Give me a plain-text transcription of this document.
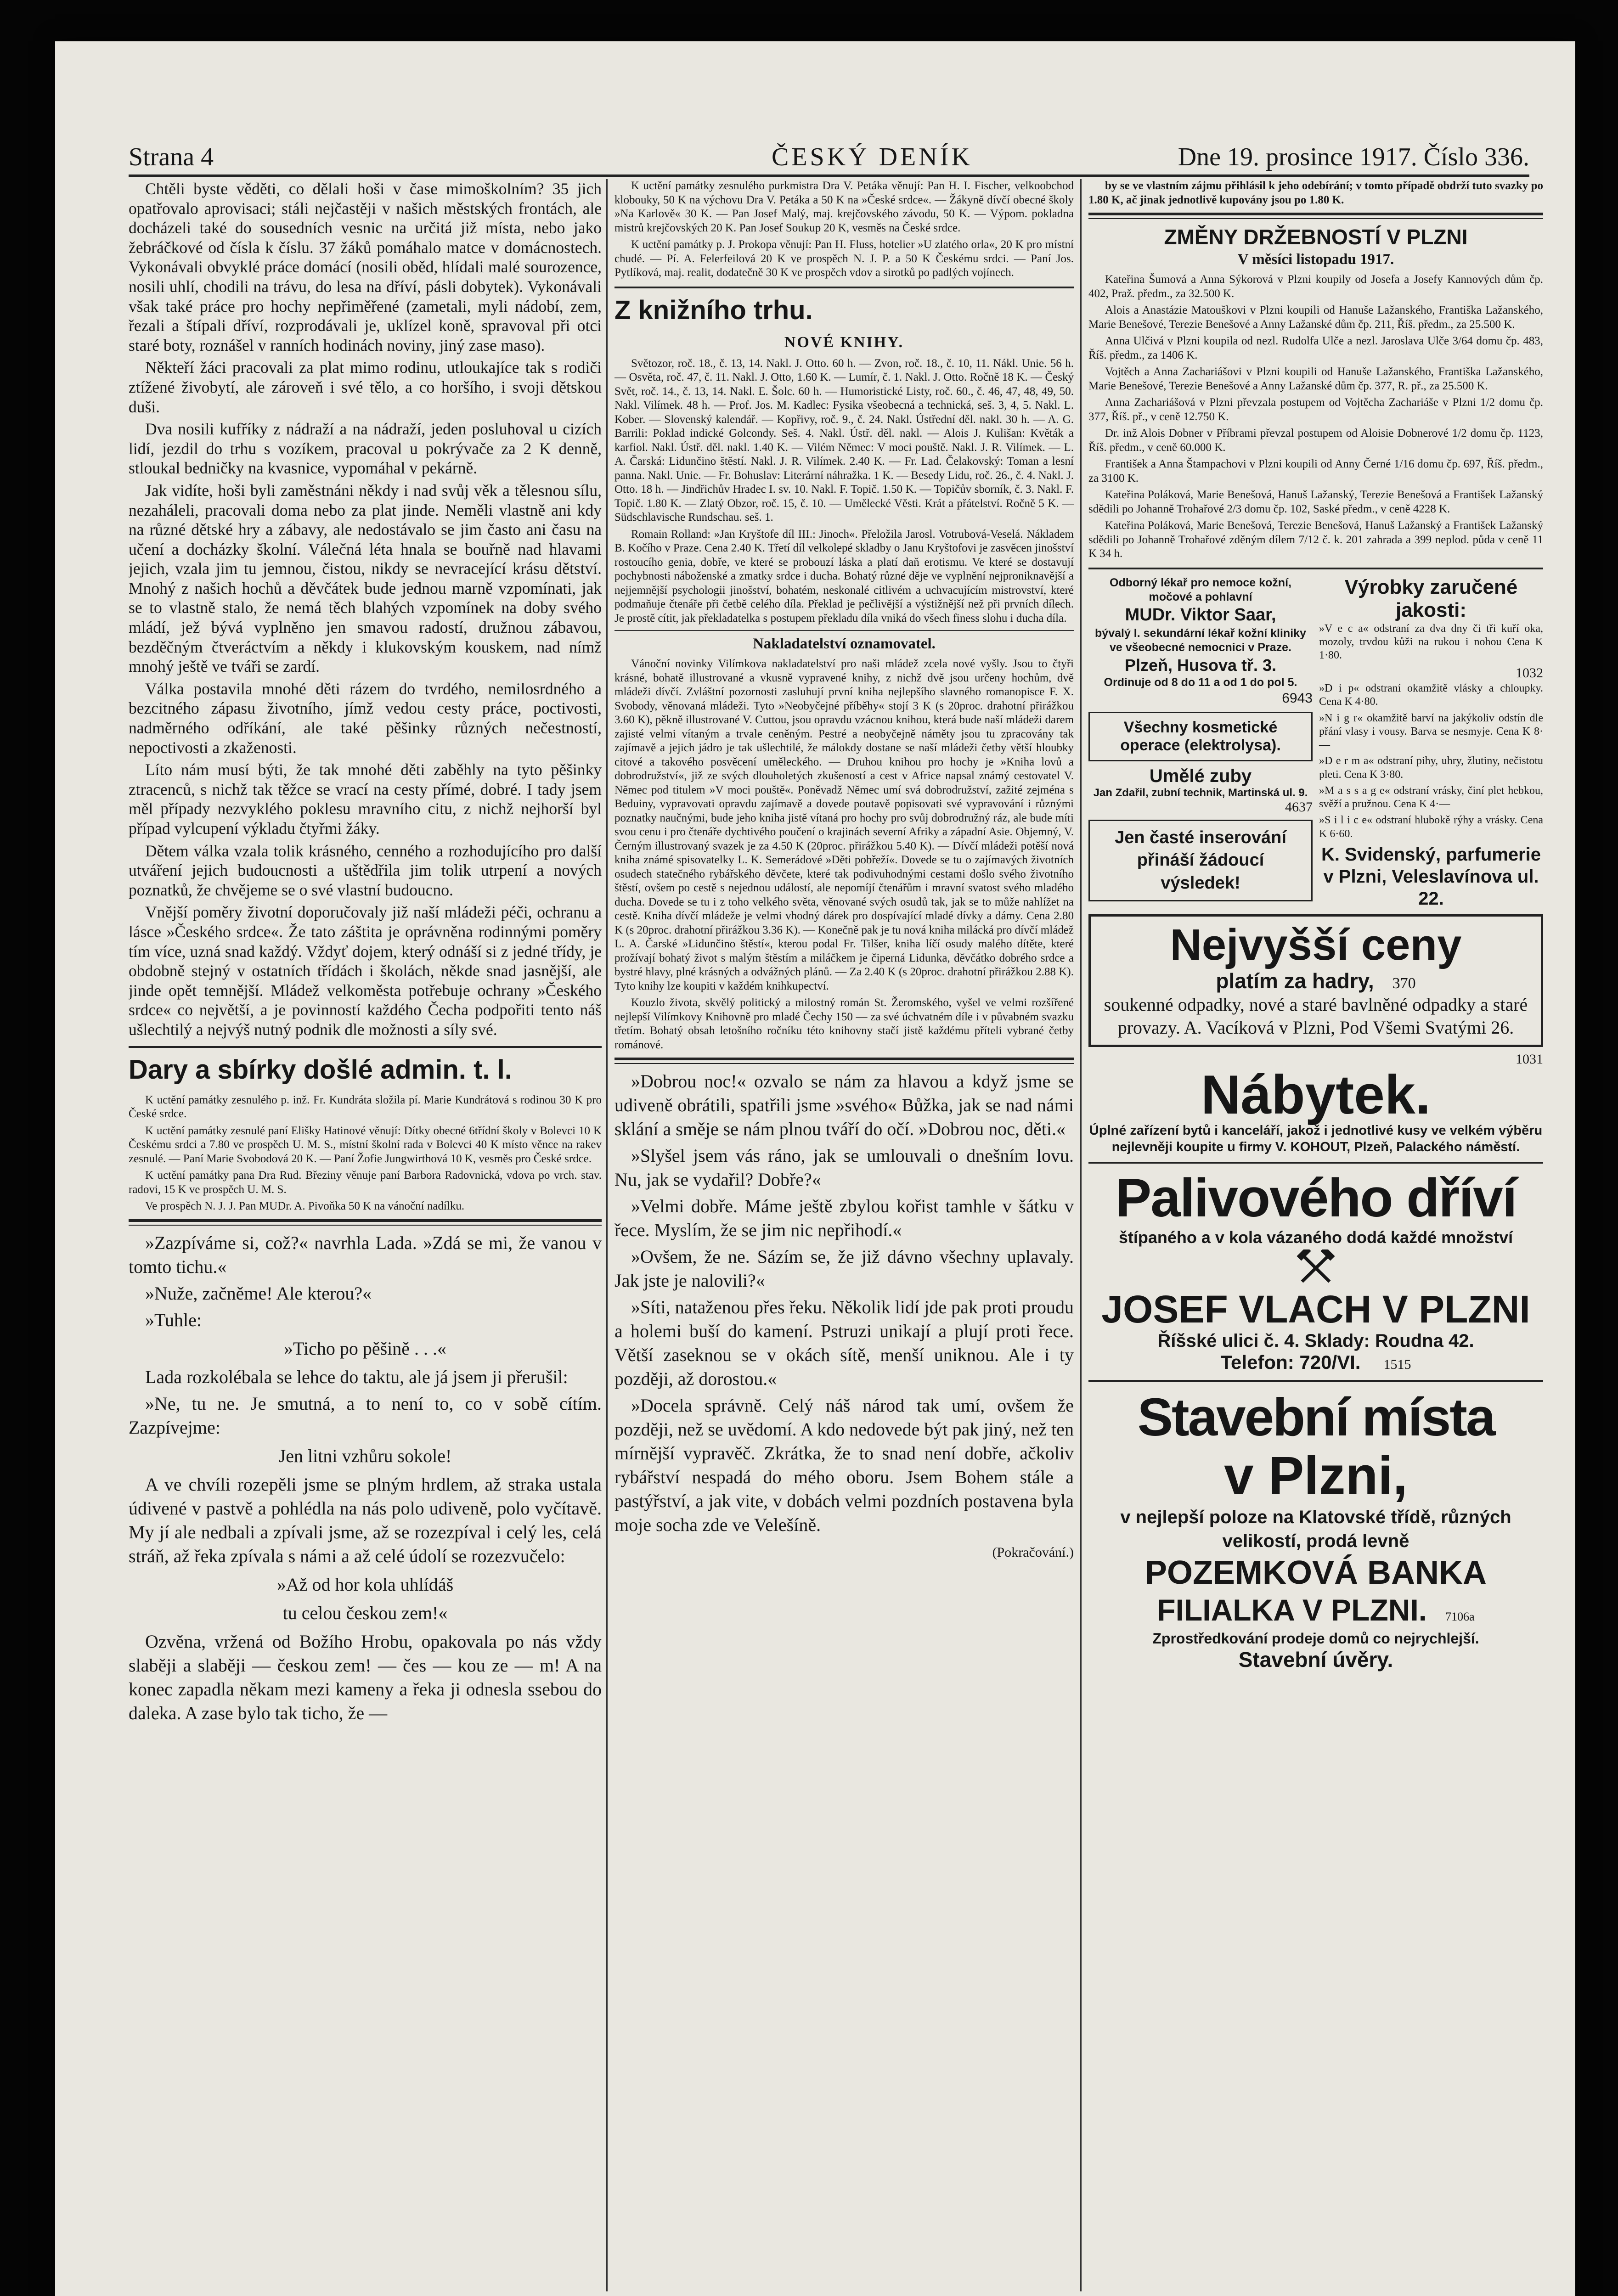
Strana 4	ČESKÝ DENÍK	Dne 19. prosince 1917. Číslo 336.

Chtěli byste věděti, co dělali hoši v čase mimoškolním? 35 jich opatřovalo aprovisaci; stáli nejčastěji v našich městských frontách, ale docházeli také do sousedních vesnic na určitá již místa, nebo jako žebráčkové od čísla k číslu. 37 žáků pomáhalo matce v domácnostech. Vykonávali obvyklé práce domácí (nosili oběd, hlídali malé sourozence, nosili uhlí, chodili na trávu, do lesa na dříví, pásli dobytek). Vykonávali však také práce pro hochy nepřiměřené (zametali, myli nádobí, zem, řezali a štípali dříví, rozprodávali je, uklízel koně, spravoval při otci staré boty, roznášel v ranních hodinách noviny, jiný zase maso).

Někteří žáci pracovali za plat mimo rodinu, utloukajíce tak s rodiči ztížené živobytí, ale zároveň i své tělo, a co horšího, i svoji dětskou duši.

Dva nosili kufříky z nádraží a na nádraží, jeden posluhoval u cizích lidí, jezdil do trhu s vozíkem, pracoval u pokrývače za 2 K denně, stloukal bedničky na kvasnice, vypomáhal v pekárně.

Jak vidíte, hoši byli zaměstnáni někdy i nad svůj věk a tělesnou sílu, nezaháleli, pracovali doma nebo za plat jinde. Neměli vlastně ani kdy na různé dětské hry a zábavy, ale nedostávalo se jim často ani času na učení a docházky školní. Válečná léta hnala se bouřně nad hlavami jejich, vzala jim tu jemnou, čistou, nikdy se nevracející krásu dětství. Mnohý z našich hochů a děvčátek bude jednou marně vzpomínati, jak se to vlastně stalo, že nemá těch blahých vzpomínek na doby svého mládí, jež bývá vyplněno jen smavou radostí, družnou zábavou, bezděčným čtveráctvím a někdy i klukovským kouskem, nad nímž mnohý ještě ve tváři se zardí.

Válka postavila mnohé děti rázem do tvrdého, nemilosrdného a bezcitného zápasu životního, jímž vedou cesty práce, poctivosti, nadměrného odříkání, ale také pěšinky různých nečestností, nepoctivosti a zkaženosti.

Líto nám musí býti, že tak mnohé děti zaběhly na tyto pěšinky ztracenců, s nichž tak těžce se vrací na cesty přímé, dobré. I tady jsem měl případy nezvyklého poklesu mravního citu, z nichž nejhorší byl případ vylcupení výkladu čtyřmi žáky.

Dětem válka vzala tolik krásného, cenného a rozhodujícího pro další utváření jejich budoucnosti a uštědřila jim tolik utrpení a nových poznatků, že chvějeme se o své vlastní budoucno.

Vnější poměry životní doporučovaly již naší mládeži péči, ochranu a lásce »Českého srdce«. Že tato záštita je oprávněna rodinnými poměry tím více, uzná snad každý. Vždyť dojem, který odnáší si z jedné třídy, je obdobně stejný v ostatních třídách i školách, někde snad jasnější, ale jinde opět temnější. Mládež velkoměsta potřebuje ochrany »Českého srdce« co největší, a je povinností každého Čecha podpořiti tento náš ušlechtilý a nejvýš nutný podnik dle možnosti a síly své.

Dary a sbírky došlé admin. t. l.

K uctění památky zesnulého p. inž. Fr. Kundráta složila pí. Marie Kundrátová s rodinou 30 K pro České srdce.

K uctění památky zesnulé paní Elišky Hatinové věnují: Dítky obecné 6třídní školy v Bolevci 10 K Českému srdci a 7.80 ve prospěch U. M. S., místní školní rada v Bolevci 40 K místo věnce na rakev zesnulé. — Paní Marie Svobodová 20 K. — Paní Žofie Jungwirthová 10 K, vesměs pro České srdce.

K uctění památky pana Dra Rud. Březiny věnuje paní Barbora Radovnická, vdova po vrch. stav. radovi, 15 K ve prospěch U. M. S.

Ve prospěch N. J. J. Pan MUDr. A. Pivoňka 50 K na vánoční nadílku.

»Zazpíváme si, což?« navrhla Lada. »Zdá se mi, že vanou v tomto tichu.«

»Nuže, začněme! Ale kterou?«

»Tuhle:

»Ticho po pěšině . . .«

Lada rozkolébala se lehce do taktu, ale já jsem ji přerušil:

»Ne, tu ne. Je smutná, a to není to, co v sobě cítím. Zazpívejme:

Jen litni vzhůru sokole!

A ve chvíli rozepěli jsme se plným hrdlem, až straka ustala údivené v pastvě a pohlédla na nás polo udiveně, polo vyčítavě. My jí ale nedbali a zpívali jsme, až se rozezpíval i celý les, celá stráň, až řeka zpívala s námi a až celé údolí se rozezvučelo:

»Až od hor kola uhlídáš
tu celou českou zem!«

Ozvěna, vržená od Božího Hrobu, opakovala po nás vždy slaběji a slaběji — českou zem! — čes — kou ze — m! A na konec zapadla někam mezi kameny a řeka ji odnesla ssebou do daleka. A zase bylo tak ticho, že —

K uctění památky zesnulého purkmistra Dra V. Petáka věnují: Pan H. I. Fischer, velkoobchod klobouky, 50 K na výchovu Dra V. Petáka a 50 K na »České srdce«. — Žákyně dívčí obecné školy »Na Karlově« 30 K. — Pan Josef Malý, maj. krejčovského závodu, 50 K. — Výpom. pokladna mistrů krejčovských 20 K. Pan Josef Soukup 20 K, vesměs na České srdce.

K uctění památky p. J. Prokopa věnují: Pan H. Fluss, hotelier »U zlatého orla«, 20 K pro místní chudé. — Pí. A. Felerfeilová 20 K ve prospěch N. J. P. a 50 K Českému srdci. — Paní Jos. Pytlíková, maj. realit, dodatečně 30 K ve prospěch vdov a sirotků po padlých vojínech.

Z knižního trhu.
NOVÉ KNIHY.

Světozor, roč. 18., č. 13, 14. Nakl. J. Otto. 60 h. — Zvon, roč. 18., č. 10, 11. Nákl. Unie. 56 h. — Osvěta, roč. 47, č. 11. Nakl. J. Otto, 1.60 K. — Lumír, č. 1. Nakl. J. Otto. Ročně 18 K. — Český Svět, roč. 14., č. 13, 14. Nakl. E. Šolc. 60 h. — Humoristické Listy, roč. 60., č. 46, 47, 48, 49, 50. Nakl. Vilímek. 48 h. — Prof. Jos. M. Kadlec: Fysika všeobecná a technická, seš. 3, 4, 5. Nakl. L. Kober. — Slovenský kalendář. — Kopřivy, roč. 9., č. 24. Nakl. Ústřední děl. nakl. 30 h. — A. G. Barrili: Poklad indické Golcondy. Seš. 4. Nakl. Ústř. děl. nakl. — Alois J. Kulišan: Květák a karfiol. Nakl. Ústř. děl. nakl. 1.40 K. — Vilém Němec: V moci pouště. Nakl. J. R. Vilímek. — L. A. Čarská: Lidunčino štěstí. Nakl. J. R. Vilímek. 2.40 K. — Fr. Lad. Čelakovský: Toman a lesní panna. Nakl. Unie. — Fr. Bohuslav: Literární náhražka. 1 K. — Besedy Lidu, roč. 26., č. 4. Nakl. J. Otto. 18 h. — Jindřichův Hradec I. sv. 10. Nakl. F. Topič. 1.50 K. — Topičův sborník, č. 3. Nakl. F. Topič. 1.80 K. — Zlatý Obzor, roč. 15, č. 10. — Umělecké Věsti. Krát a přátelství. Ročně 5 K. — Südschlavische Rundschau. seš. 1.

Romain Rolland: »Jan Kryštofe díl III.: Jinoch«. Přeložila Jarosl. Votrubová-Veselá. Nákladem B. Kočího v Praze. Cena 2.40 K. Třetí díl velkolepé skladby o Janu Kryštofovi je zasvěcen jinošství rostoucího genia, dobře, ve které se probouzí láska a platí daň erotismu. Ve které se dostavují pochybnosti náboženské a zmatky srdce i ducha. Bohatý různé děje ve vyplnění nejproniknavější a nejjemnější psychologii jinošství, bohatém, neskonalé citlivém a uchvacujícím mistrovství, které podmaňuje čtenáře při četbě celého díla. Překlad je pečlivější a výstižnější než při prvních dílech. Je prostě cítit, jak překladatelka s postupem překladu díla vniká do všech finess slohu i ducha díla.

Nakladatelství oznamovatel.

Vánoční novinky Vilímkova nakladatelství pro naši mládež zcela nové vyšly. Jsou to čtyři krásné, bohatě illustrované a vkusně vypravené knihy, z nichž dvě jsou určeny hochům, dvě mládeži dívčí. Zvláštní pozornosti zasluhují první kniha nejlepšího slavného romanopisce F. X. Svobody, věnovaná mládeži. Tyto »Neobyčejné příběhy« stojí 3 K (s 20proc. drahotní přirážkou 3.60 K), pěkně illustrované V. Cuttou, jsou opravdu vzácnou knihou, která bude naší mládeži darem zajisté velmi vítaným a trvale ceněným. Pestré a neobyčejně náměty jsou tu zpracovány tak zajímavě a jejich jádro je tak ušlechtilé, že málokdy dostane se naší mládeži četby větší hloubky citové a takového posvěcení uměleckého. — Druhou knihou pro hochy je »Kniha lovů a dobrodružství«, již ze svých dlouholetých zkušeností a cest v Africe napsal známý cestovatel V. Němec pod titulem »V moci pouště«. Poněvadž Němec umí svá dobrodružství, zažité zejména s Beduiny, vypravovati opravdu zajímavě a dovede poutavě popisovati své vypravování i různými poznatky naučnými, bude jeho kniha jistě vítaná pro hochy pro svůj dobrodružný ráz, ale bude míti svou cenu i pro čtenáře dychtivého poučení o krajinách severní Afriky a západní Asie. Objemný, V. Černým illustrovaný svazek je za 4.50 K (20proc. přirážkou 5.40 K). — Dívčí mládeži potěší nová kniha známé spisovatelky L. K. Semerádové »Děti pobřeží«. Dovede se tu o zajímavých životních osudech statečného rybářského děvčete, které tak podivuhodnými cestami došlo svého životního štěstí, ovšem po cestě s nejednou událostí, ale nepomíjí čtenářům i mravní svatost svého mladého ducha. Dovede se tu i z toho velkého světa, věnované svých osudů tak, jak se to může nahlížet na cestě. Kniha dívčí mládeže je velmi vhodný dárek pro dospívající mladé dívky a dámy. Cena 2.80 K (s 20proc. drahotní přirážkou 3.36 K). — Konečně pak je tu nová kniha milácká pro dívčí mládež L. A. Čarské »Lidunčino štěstí«, kterou podal Fr. Tilšer, kniha líčí osudy malého dítěte, které prožívají bohatý život s malým štěstím a miláčkem je čiperná Lidunka, děvčátko dobrého srdce a bystré hlavy, plné krásných a odvážných plánů. — Za 2.40 K (s 20proc. drahotní přirážkou 2.88 K). Tyto knihy lze koupiti v každém knihkupectví.

Kouzlo života, skvělý politický a milostný román St. Žeromského, vyšel ve velmi rozšířené nejlepší Vilímkovy Knihovně pro mladé Čechy 150 — za své úchvatném díle i v půvabném svazku třetím. Bohatý obsah letošního ročníku této knihovny stačí jistě každému příteli vybrané četby románové.

»Dobrou noc!« ozvalo se nám za hlavou a když jsme se udiveně obrátili, spatřili jsme »svého« Bůžka, jak se nad námi sklání a směje se nám plnou tváří do očí. »Dobrou noc, děti.«

»Slyšel jsem vás ráno, jak se umlouvali o dnešním lovu. Nu, jak se vydařil? Dobře?«

»Velmi dobře. Máme ještě zbylou kořist tamhle v šátku v řece. Myslím, že se jim nic nepřihodí.«

»Ovšem, že ne. Sázím se, že již dávno všechny uplavaly. Jak jste je nalovili?«

»Síti, nataženou přes řeku. Několik lidí jde pak proti proudu a holemi buší do kamení. Pstruzi unikají a plují proti řece. Větší zaseknou se v okách sítě, menší uniknou. Ale i ty později, až dorostou.«

»Docela správně. Celý náš národ tak umí, ovšem že později, než se uvědomí. A kdo nedovede být pak jiný, než ten mírnější vypravěč. Zkrátka, že to snad není dobře, ačkoliv rybářství nespadá do mého oboru. Jsem Bohem stále a pastýřství, a jak vite, v dobách velmi pozdních postavena byla moje socha zde ve Velešíně.

(Pokračování.)

by se ve vlastním zájmu přihlásil k jeho odebírání; v tomto případě obdrží tuto svazky po 1.80 K, ač jinak jednotlivě kupovány jsou po 1.80 K.

ZMĚNY DRŽEBNOSTÍ V PLZNI
V měsíci listopadu 1917.

Kateřina Šumová a Anna Sýkorová v Plzni koupily od Josefa a Josefy Kannových dům čp. 402, Praž. předm., za 32.500 K.

Alois a Anastázie Matouškovi v Plzni koupili od Hanuše Lažanského, Františka Lažanského, Marie Benešové, Terezie Benešové a Anny Lažanské dům čp. 211, Říš. předm., za 25.500 K.

Anna Ulčivá v Plzni koupila od nezl. Rudolfa Ulče a nezl. Jaroslava Ulče 3/64 domu čp. 483, Říš. předm., za 1406 K.

Vojtěch a Anna Zachariášovi v Plzni koupili od Hanuše Lažanského, Františka Lažanského, Marie Benešové, Terezie Benešové a Anny Lažanské dům čp. 377, R. př., za 25.500 K.

Anna Zachariášová v Plzni převzala postupem od Vojtěcha Zachariáše v Plzni 1/2 domu čp. 377, Říš. př., v ceně 12.750 K.

Dr. inž Alois Dobner v Příbrami převzal postupem od Aloisie Dobnerové 1/2 domu čp. 1123, Říš. předm., v ceně 60.000 K.

František a Anna Štampachovi v Plzni koupili od Anny Černé 1/16 domu čp. 697, Říš. předm., za 3100 K.

Kateřina Poláková, Marie Benešová, Hanuš Lažanský, Terezie Benešová a František Lažanský sdědili po Johanně Trohařové 2/3 domu čp. 102, Saské předm., v ceně 4228 K.

Kateřina Poláková, Marie Benešová, Terezie Benešová, Hanuš Lažanský a František Lažanský sdědili po Johanně Trohařové zděným dílem 7/12 č. k. 201 zahrada a 399 neplod. půda v ceně 11 K 34 h.

Odborný lékař pro nemoce kožní, močové a pohlavní
MUDr. Viktor Saar,
bývalý I. sekundární lékař kožní kliniky ve všeobecné nemocnici v Praze.
Plzeň, Husova tř. 3.
Ordinuje od 8 do 11 a od 1 do pol 5.
6943
Všechny kosmetické operace (elektrolysa).
Umělé zuby
Jan Zdařil, zubní technik, Martinská ul. 9.
4637
Jen časté inserování přináší žádoucí výsledek!
Výrobky zaručené jakosti:

»V e c a« odstraní za dva dny či tři kuří oka, mozoly, trvdou kůži na rukou i nohou Cena K 1·80.

1032

»D i p« odstraní okamžitě vlásky a chloupky. Cena K 4·80.

»N i g r« okamžitě barví na jakýkoliv odstín dle přání vlasy i vousy. Barva se nesmyje. Cena K 8·—

»D e r m a« odstraní pihy, uhry, žlutiny, nečistotu pleti. Cena K 3·80.

»M a s s a g e« odstraní vrásky, činí plet hebkou, svěží a pružnou. Cena K 4·—

»S i l i c e« odstraní hlubokě rýhy a vrásky. Cena K 6·60.

K. Svidenský, parfumerie v Plzni, Veleslavínova ul. 22.
Nejvyšší ceny
platím za hadry, 370
soukenné odpadky, nové a staré bavlněné odpadky a staré provazy. A. Vacíková v Plzni, Pod Všemi Svatými 26.
1031
Nábytek.
Úplné zařízení bytů i kanceláří, jakož i jednotlivé kusy ve velkém výběru nejlevněji koupite u firmy V. KOHOUT, Plzeň, Palackého náměstí.
Palivového dříví
štípaného a v kola vázaného dodá každé množství
JOSEF VLACH V PLZNI
Říšské ulici č. 4. Sklady: Roudna 42.
Telefon: 720/VI. 1515
Stavební místa
v Plzni,
v nejlepší poloze na Klatovské třídě, různých velikostí, prodá levně
POZEMKOVÁ BANKA
FILIALKA V PLZNI. 7106a
Zprostředkování prodeje domů co nejrychlejší.
Stavební úvěry.
